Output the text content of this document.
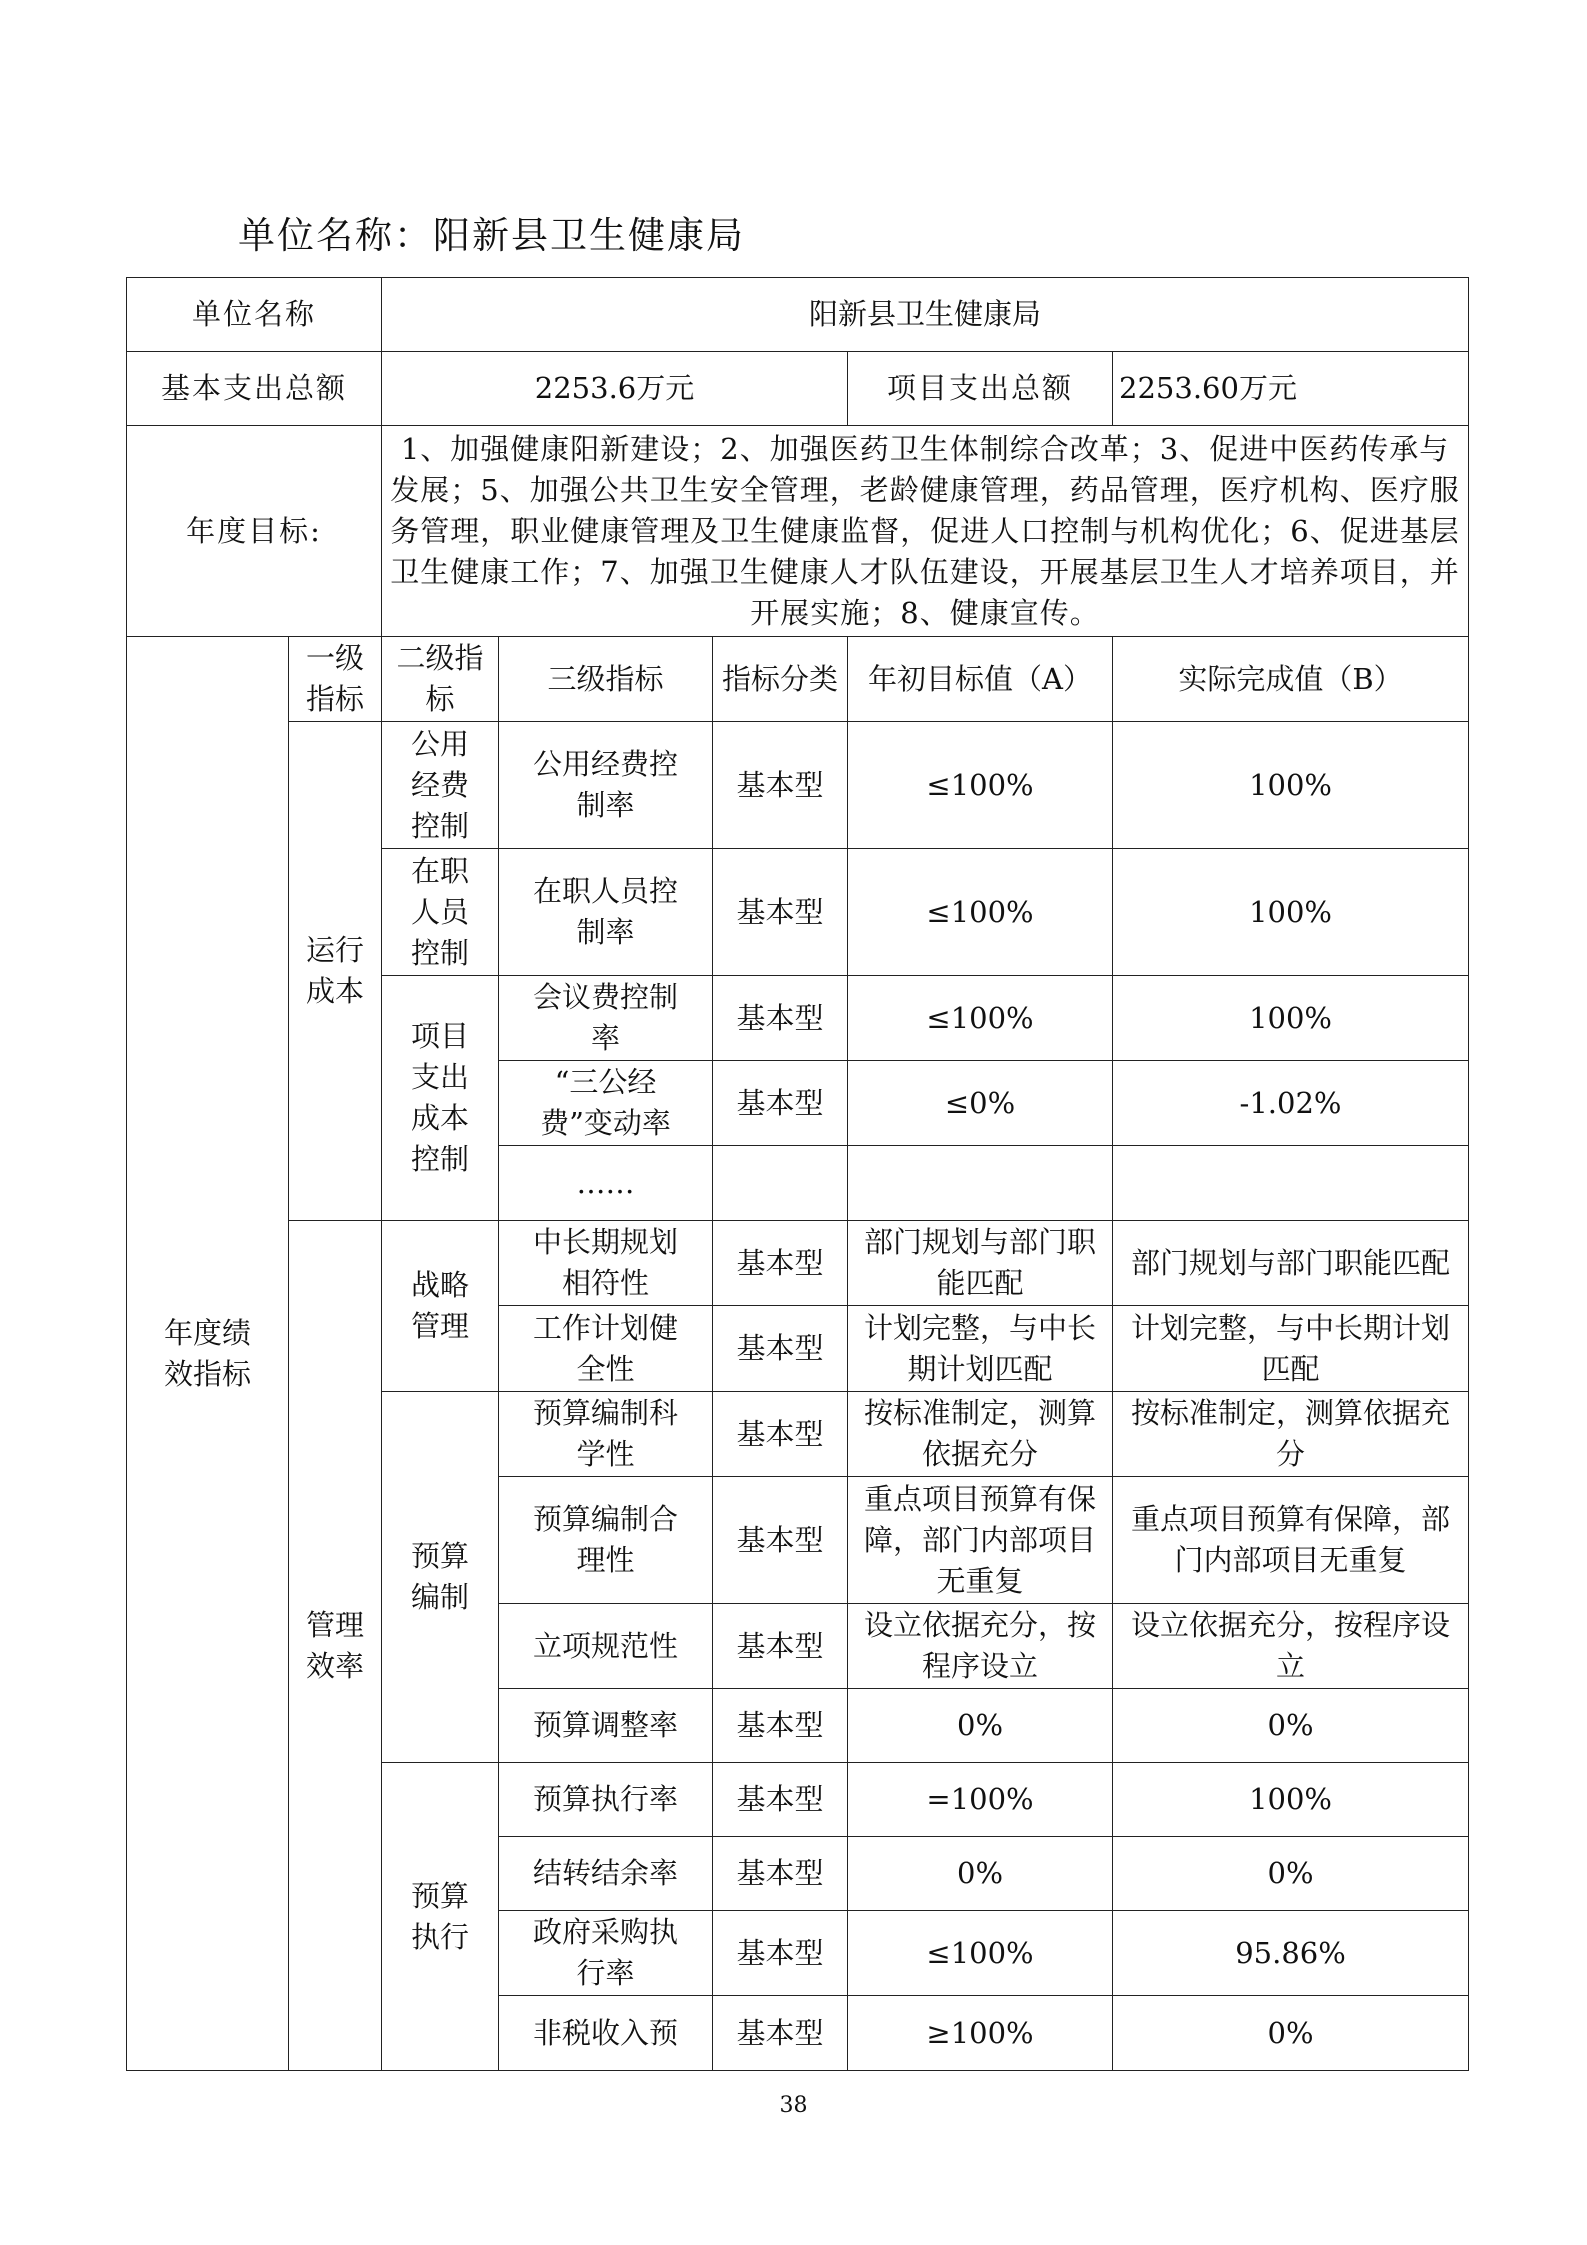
单位名称：阳新县卫生健康局
单位名称		阳新县卫生健康局				
基本支出总额		2253.6万元			项目支出总额	2253.60万元
年度目标:		1、加强健康阳新建设；2、加强医药卫生体制综合改革；3、促进中医药传承与发展；5、加强公共卫生安全管理，老龄健康管理，药品管理，医疗机构、医疗服务管理，职业健康管理及卫生健康监督，促进人口控制与机构优化；6、促进基层卫生健康工作；7、加强卫生健康人才队伍建设，开展基层卫生人才培养项目，并开展实施；8、健康宣传。				
年度绩效指标	一级指标	二级指标	三级指标	指标分类	年初目标值（A）	实际完成值（B）
	运行成本	公用经费控制	公用经费控制率	基本型	≤100%	100%
		在职人员控制	在职人员控制率	基本型	≤100%	100%
		项目支出成本控制	会议费控制率	基本型	≤100%	100%
			“三公经费”变动率	基本型	≤0%	-1.02%
			……			
	管理效率	战略管理	中长期规划相符性	基本型	部门规划与部门职能匹配	部门规划与部门职能匹配
			工作计划健全性	基本型	计划完整，与中长期计划匹配	计划完整，与中长期计划匹配
		预算编制	预算编制科学性	基本型	按标准制定，测算依据充分	按标准制定，测算依据充分
			预算编制合理性	基本型	重点项目预算有保障，部门内部项目无重复	重点项目预算有保障，部门内部项目无重复
			立项规范性	基本型	设立依据充分，按程序设立	设立依据充分，按程序设立
			预算调整率	基本型	0%	0%
		预算执行	预算执行率	基本型	=100%	100%
			结转结余率	基本型	0%	0%
			政府采购执行率	基本型	≤100%	95.86%
			非税收入预	基本型	≥100%	0%
38
